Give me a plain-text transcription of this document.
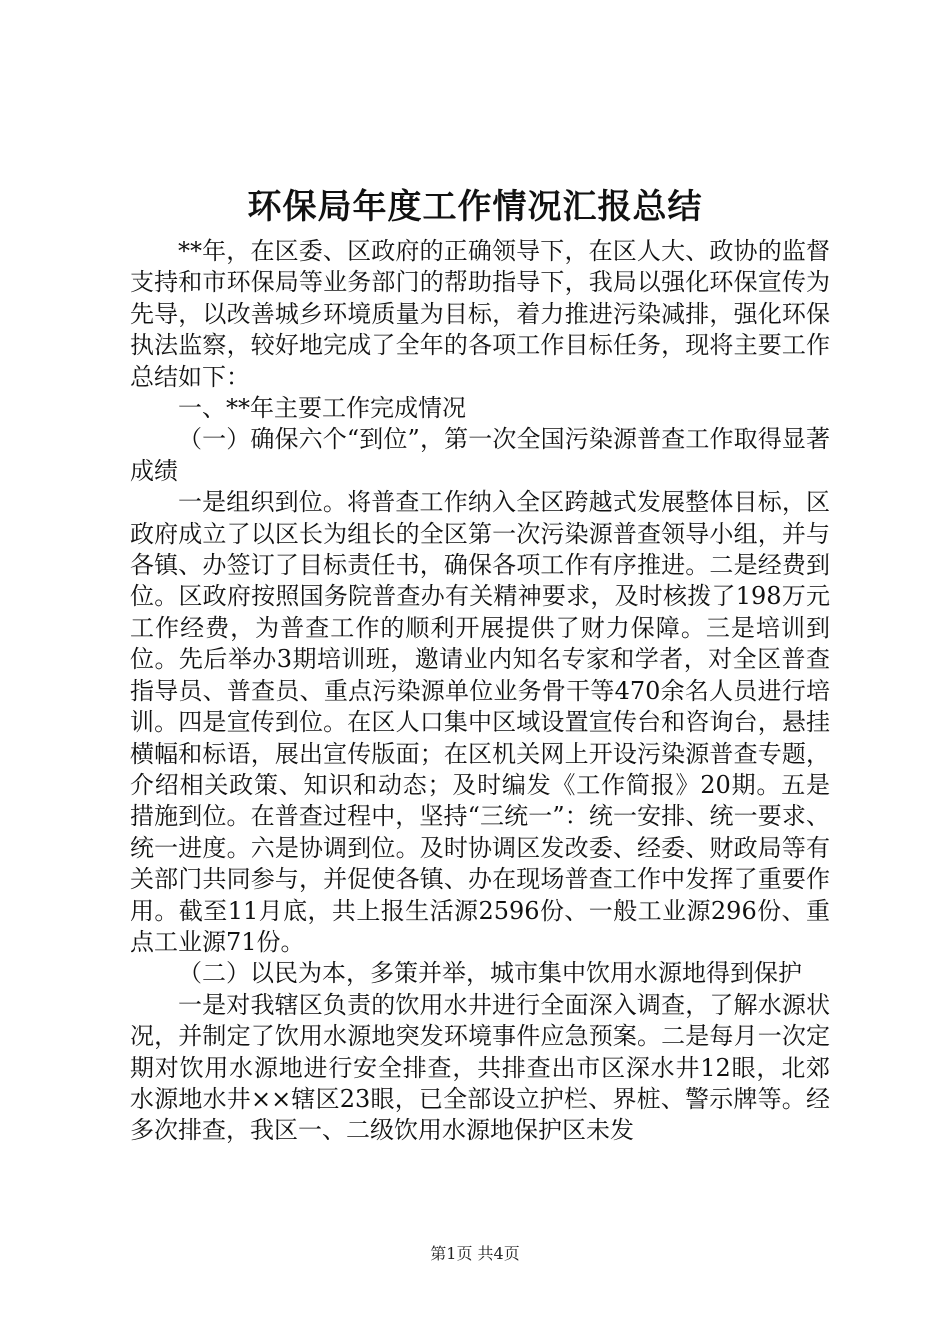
环保局年度工作情况汇报总结

**年，在区委、区政府的正确领导下，在区人大、政协的监督支持和市环保局等业务部门的帮助指导下，我局以强化环保宣传为先导，以改善城乡环境质量为目标，着力推进污染减排，强化环保执法监察，较好地完成了全年的各项工作目标任务，现将主要工作总结如下：

一、**年主要工作完成情况

（一）确保六个“到位”，第一次全国污染源普查工作取得显著成绩

一是组织到位。将普查工作纳入全区跨越式发展整体目标，区政府成立了以区长为组长的全区第一次污染源普查领导小组，并与各镇、办签订了目标责任书，确保各项工作有序推进。二是经费到位。区政府按照国务院普查办有关精神要求，及时核拨了198万元工作经费，为普查工作的顺利开展提供了财力保障。三是培训到位。先后举办3期培训班，邀请业内知名专家和学者，对全区普查指导员、普查员、重点污染源单位业务骨干等470余名人员进行培训。四是宣传到位。在区人口集中区域设置宣传台和咨询台，悬挂横幅和标语，展出宣传版面；在区机关网上开设污染源普查专题，介绍相关政策、知识和动态；及时编发《工作简报》20期。五是措施到位。在普查过程中，坚持“三统一”：统一安排、统一要求、统一进度。六是协调到位。及时协调区发改委、经委、财政局等有关部门共同参与，并促使各镇、办在现场普查工作中发挥了重要作用。截至11月底，共上报生活源2596份、一般工业源296份、重点工业源71份。

（二）以民为本，多策并举，城市集中饮用水源地得到保护

一是对我辖区负责的饮用水井进行全面深入调查，了解水源状况，并制定了饮用水源地突发环境事件应急预案。二是每月一次定期对饮用水源地进行安全排查，共排查出市区深水井12眼，北郊水源地水井××辖区23眼，已全部设立护栏、界桩、警示牌等。经多次排查，我区一、二级饮用水源地保护区未发

第1页 共4页
